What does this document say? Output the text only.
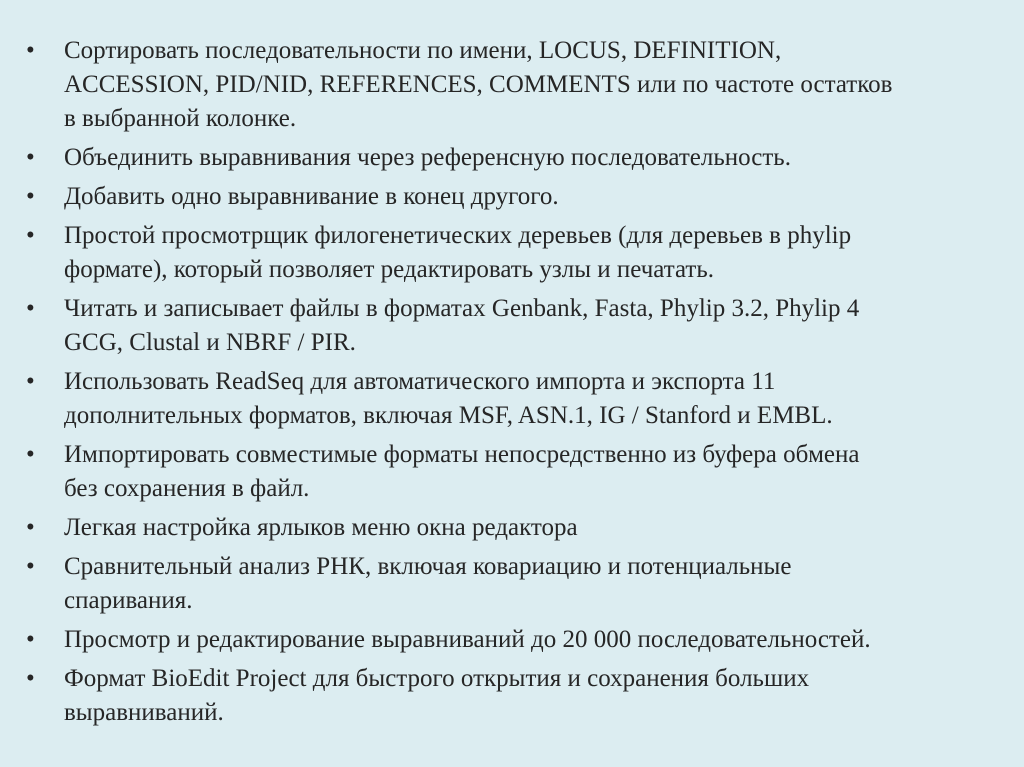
•	Сортировать последовательности по имени, LOCUS, DEFINITION,
ACCESSION, PID/NID, REFERENCES, COMMENTS или по частоте остатков
в выбранной колонке.
•	Объединить выравнивания через референсную последовательность.
•	Добавить одно выравнивание в конец другого.
•	Простой просмотрщик филогенетических деревьев (для деревьев в phylip
формате), который позволяет редактировать узлы и печатать.
•	Читать и записывает файлы в форматах Genbank, Fasta, Phylip 3.2, Phylip 4
GCG, Clustal и NBRF / PIR.
•	Использовать ReadSeq для автоматического импорта и экспорта 11
дополнительных форматов, включая MSF, ASN.1, IG / Stanford и EMBL.
•	Импортировать совместимые форматы непосредственно из буфера обмена
без сохранения в файл.
•	Легкая настройка ярлыков меню окна редактора
•	Сравнительный анализ РНК, включая ковариацию и потенциальные
спаривания.
•	Просмотр и редактирование выравниваний до 20 000 последовательностей.
•	Формат BioEdit Project для быстрого открытия и сохранения больших
выравниваний.
